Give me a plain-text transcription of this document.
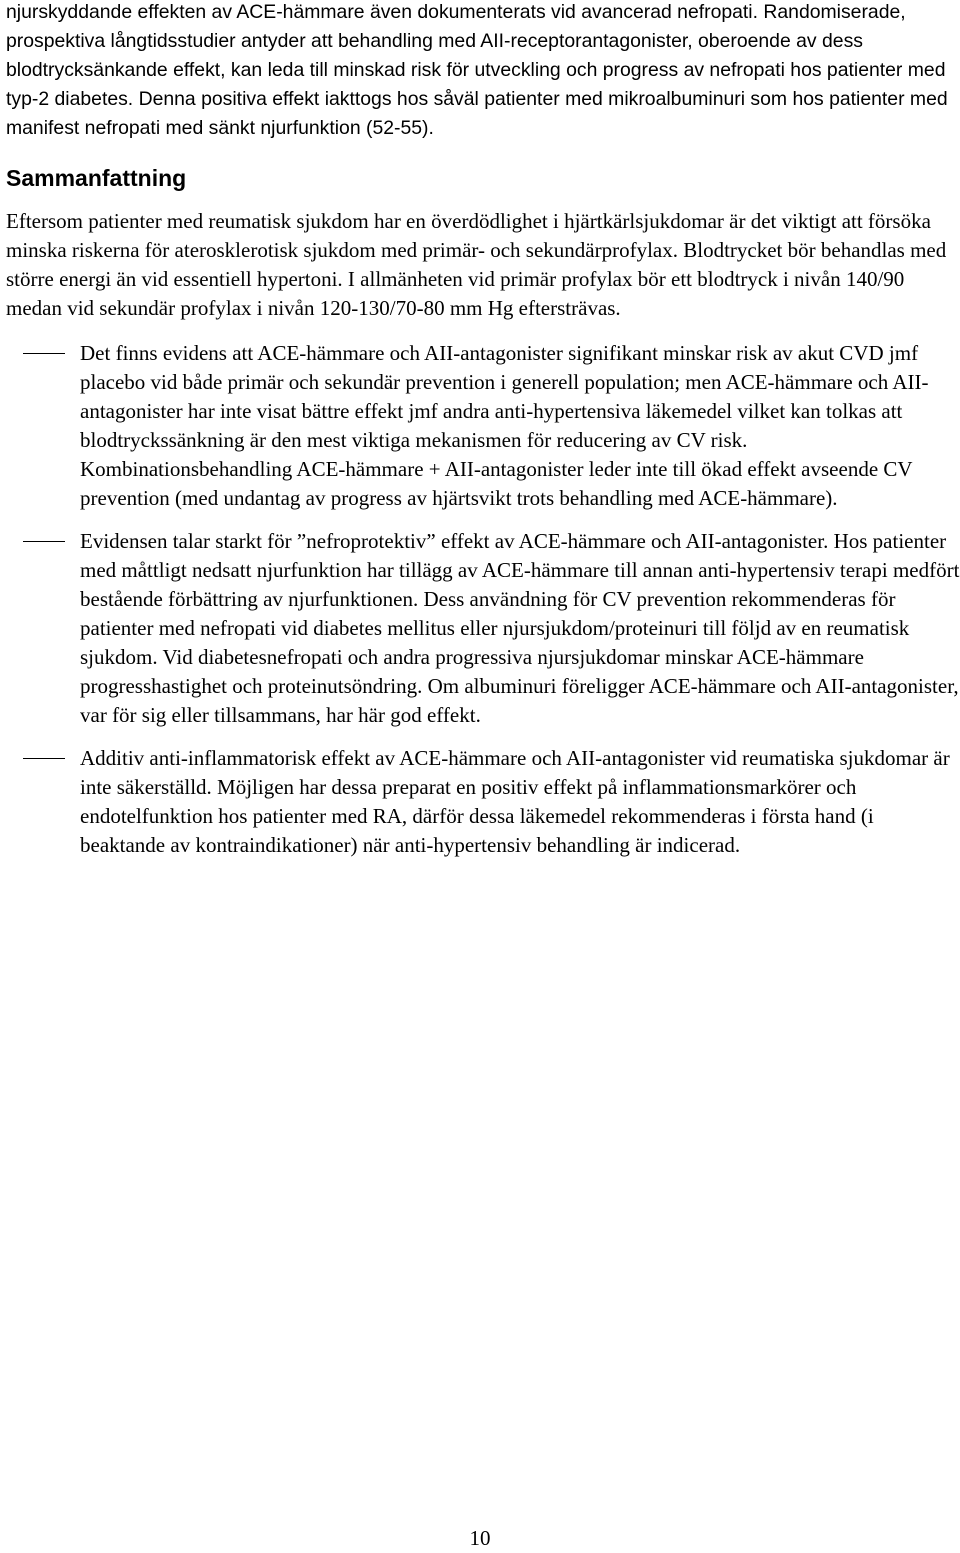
njurskyddande effekten av ACE-hämmare även dokumenterats vid avancerad nefropati. Randomiserade, prospektiva långtidsstudier antyder att behandling med AII-receptorantagonister, oberoende av dess blodtrycksänkande effekt, kan leda till minskad risk för utveckling och progress av nefropati hos patienter med typ-2 diabetes. Denna positiva effekt iakttogs hos såväl patienter med mikroalbuminuri som hos patienter med manifest nefropati med sänkt njurfunktion (52-55).

Sammanfattning

Eftersom patienter med reumatisk sjukdom har en överdödlighet i hjärtkärlsjukdomar är det viktigt att försöka minska riskerna för aterosklerotisk sjukdom med primär- och sekundärprofylax. Blodtrycket bör behandlas med större energi än vid essentiell hypertoni. I allmänheten vid primär profylax bör ett blodtryck i nivån 140/90 medan vid sekundär profylax i nivån 120-130/70-80 mm Hg eftersträvas.

Det finns evidens att ACE-hämmare och AII-antagonister signifikant minskar risk av akut CVD jmf placebo vid både primär och sekundär prevention i generell population; men ACE-hämmare och AII-antagonister har inte visat bättre effekt jmf andra anti-hypertensiva läkemedel vilket kan tolkas att blodtryckssänkning är den mest viktiga mekanismen för reducering av CV risk. Kombinationsbehandling ACE-hämmare + AII-antagonister leder inte till ökad effekt avseende CV prevention (med undantag av progress av hjärtsvikt trots behandling med ACE-hämmare).
Evidensen talar starkt för ”nefroprotektiv” effekt av ACE-hämmare och AII-antagonister. Hos patienter med måttligt nedsatt njurfunktion har tillägg av ACE-hämmare till annan anti-hypertensiv terapi medfört bestående förbättring av njurfunktionen. Dess användning för CV prevention rekommenderas för patienter med nefropati vid diabetes mellitus eller njursjukdom/proteinuri till följd av en reumatisk sjukdom. Vid diabetesnefropati och andra progressiva njursjukdomar minskar ACE-hämmare progresshastighet och proteinutsöndring. Om albuminuri föreligger ACE-hämmare och AII-antagonister, var för sig eller tillsammans, har här god effekt.
Additiv anti-inflammatorisk effekt av ACE-hämmare och AII-antagonister vid reumatiska sjukdomar är inte säkerställd. Möjligen har dessa preparat en positiv effekt på inflammationsmarkörer och endotelfunktion hos patienter med RA, därför dessa läkemedel rekommenderas i första hand (i beaktande av kontraindikationer) när anti-hypertensiv behandling är indicerad.
10
